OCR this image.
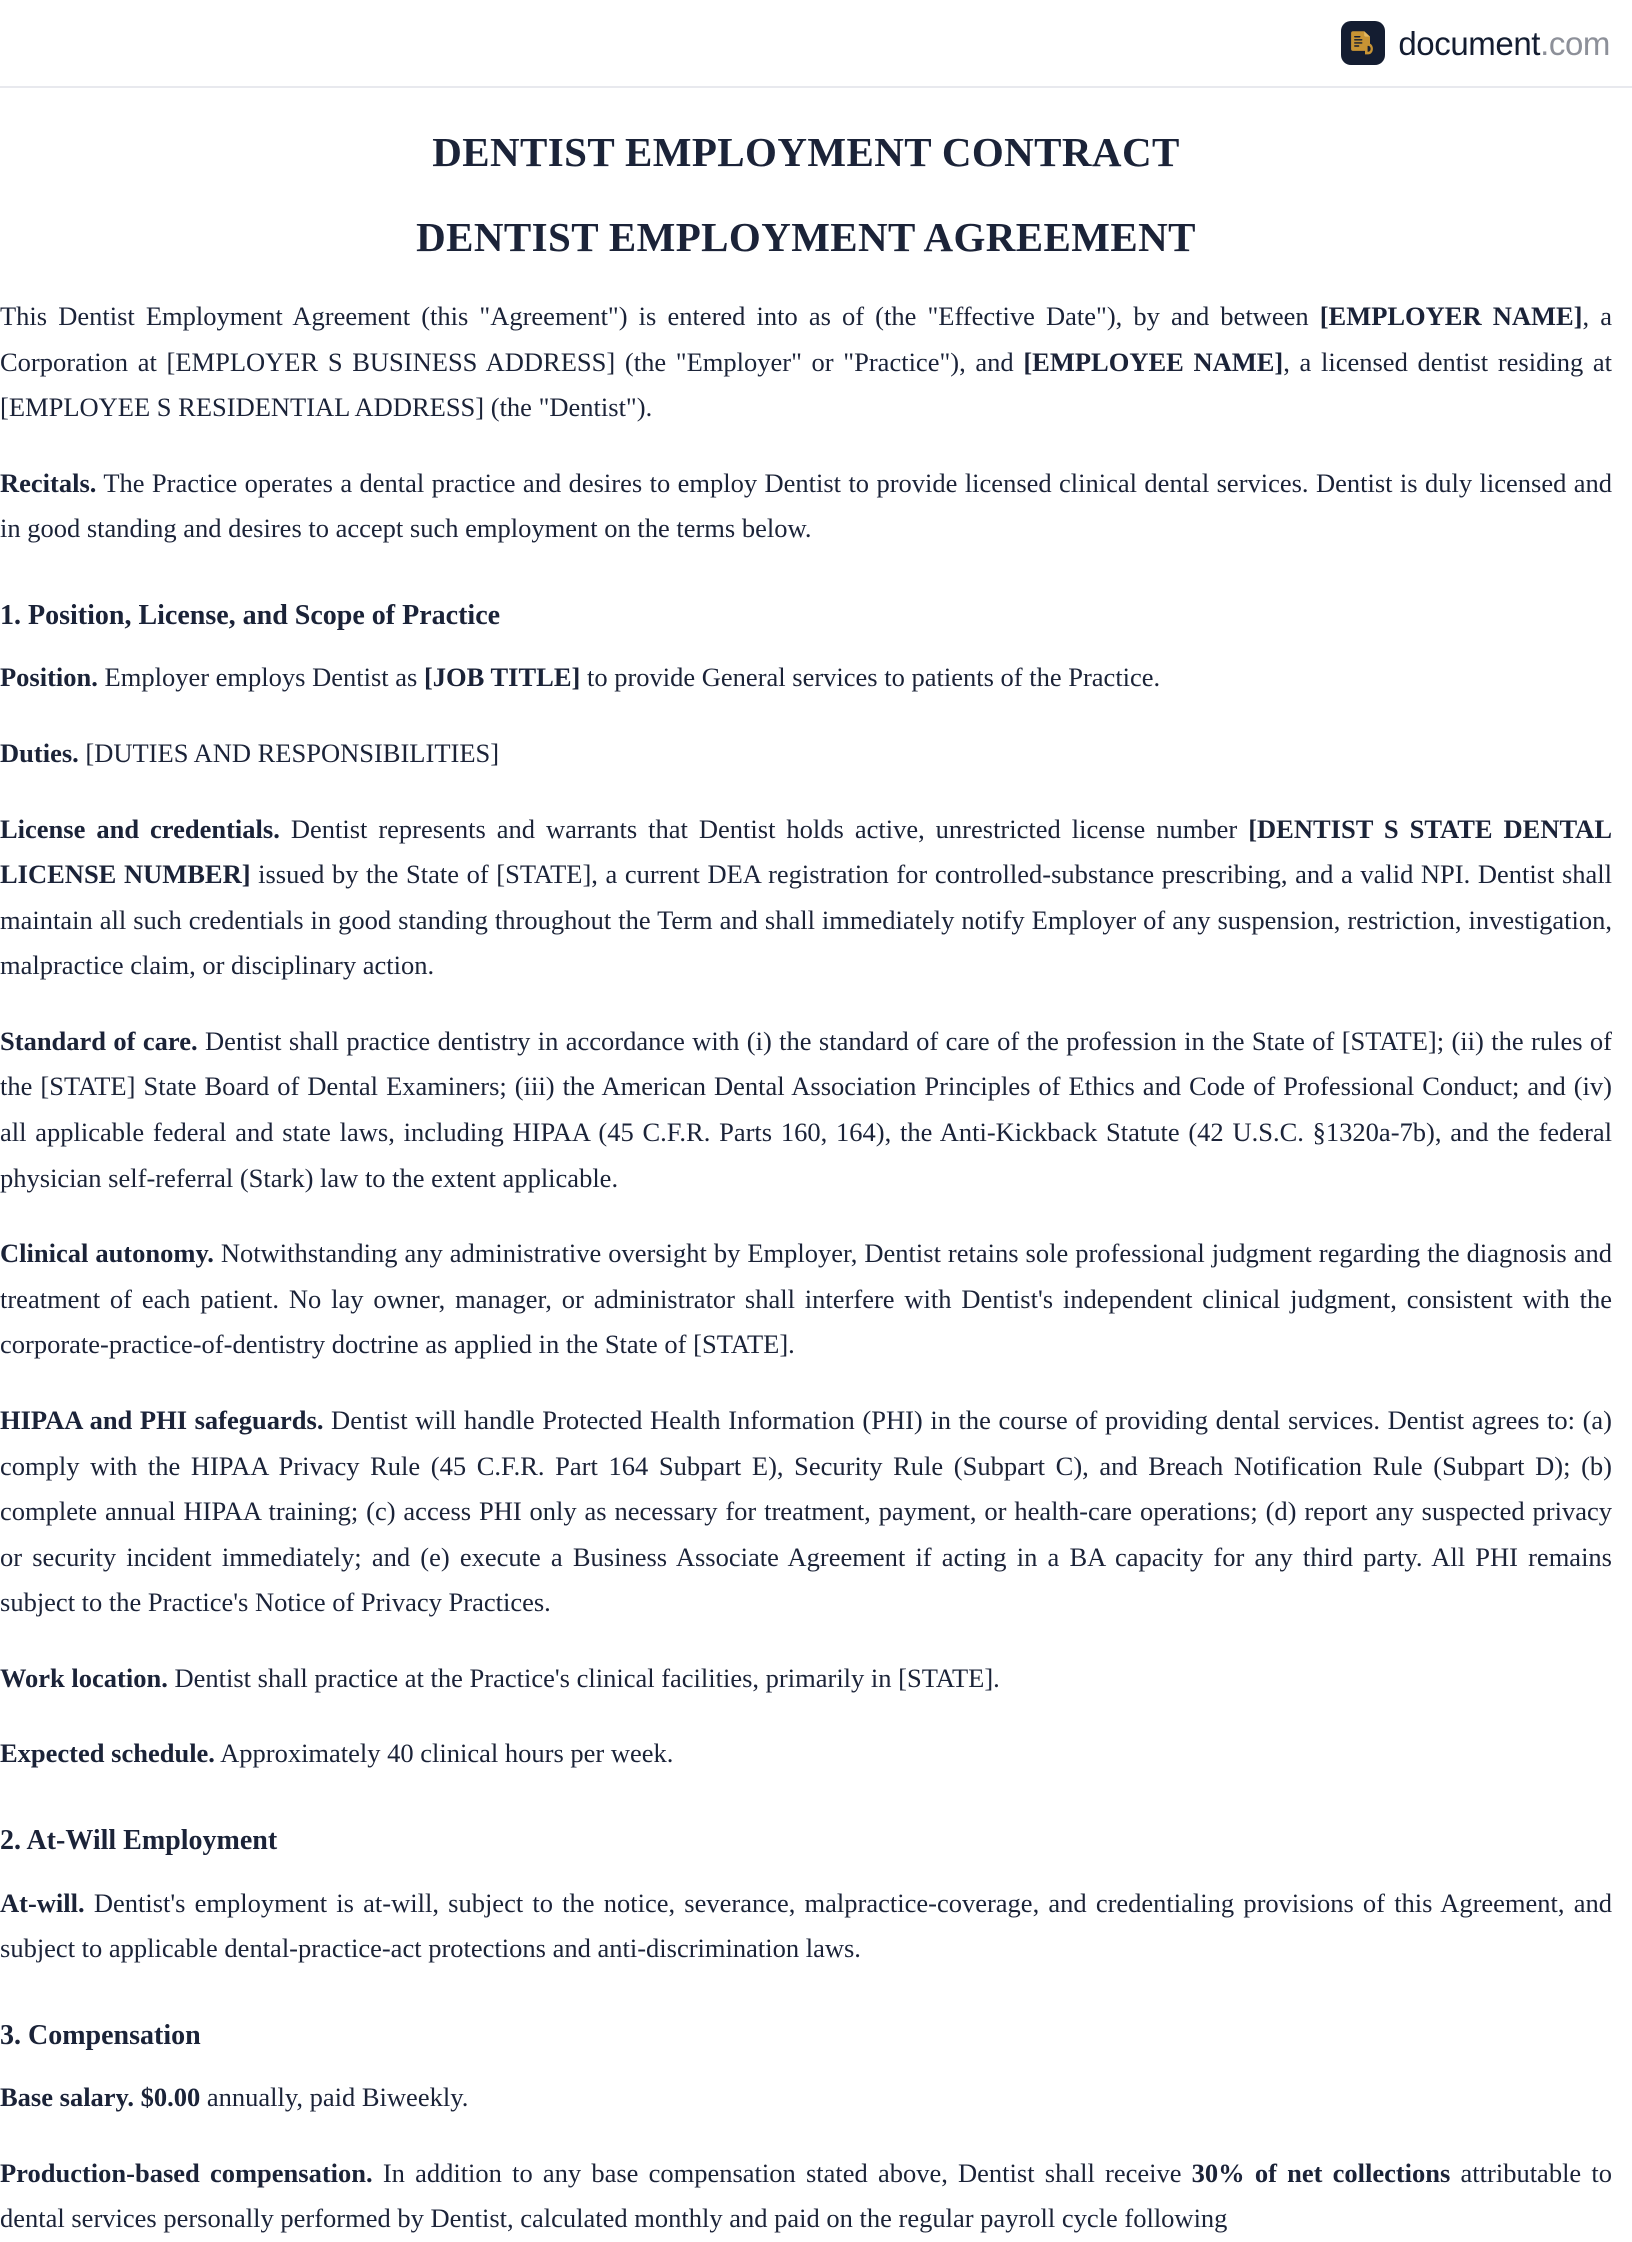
document.com
DENTIST EMPLOYMENT CONTRACT
DENTIST EMPLOYMENT AGREEMENT

This Dentist Employment Agreement (this "Agreement") is entered into as of (the "Effective Date"), by and between [EMPLOYER NAME], a Corporation at [EMPLOYER S BUSINESS ADDRESS] (the "Employer" or "Practice"), and [EMPLOYEE NAME], a licensed dentist residing at [EMPLOYEE S RESIDENTIAL ADDRESS] (the "Dentist").

Recitals. The Practice operates a dental practice and desires to employ Dentist to provide licensed clinical dental services. Dentist is duly licensed and in good standing and desires to accept such employment on the terms below.

1. Position, License, and Scope of Practice

Position. Employer employs Dentist as [JOB TITLE] to provide General services to patients of the Practice.

Duties. [DUTIES AND RESPONSIBILITIES]

License and credentials. Dentist represents and warrants that Dentist holds active, unrestricted license number [DENTIST S STATE DENTAL LICENSE NUMBER] issued by the State of [STATE], a current DEA registration for controlled-substance prescribing, and a valid NPI. Dentist shall maintain all such credentials in good standing throughout the Term and shall immediately notify Employer of any suspension, restriction, investigation, malpractice claim, or disciplinary action.

Standard of care. Dentist shall practice dentistry in accordance with (i) the standard of care of the profession in the State of [STATE]; (ii) the rules of the [STATE] State Board of Dental Examiners; (iii) the American Dental Association Principles of Ethics and Code of Professional Conduct; and (iv) all applicable federal and state laws, including HIPAA (45 C.F.R. Parts 160, 164), the Anti-Kickback Statute (42 U.S.C. §1320a-7b), and the federal physician self-referral (Stark) law to the extent applicable.

Clinical autonomy. Notwithstanding any administrative oversight by Employer, Dentist retains sole professional judgment regarding the diagnosis and treatment of each patient. No lay owner, manager, or administrator shall interfere with Dentist's independent clinical judgment, consistent with the corporate-practice-of-dentistry doctrine as applied in the State of [STATE].

HIPAA and PHI safeguards. Dentist will handle Protected Health Information (PHI) in the course of providing dental services. Dentist agrees to: (a) comply with the HIPAA Privacy Rule (45 C.F.R. Part 164 Subpart E), Security Rule (Subpart C), and Breach Notification Rule (Subpart D); (b) complete annual HIPAA training; (c) access PHI only as necessary for treatment, payment, or health-care operations; (d) report any suspected privacy or security incident immediately; and (e) execute a Business Associate Agreement if acting in a BA capacity for any third party. All PHI remains subject to the Practice's Notice of Privacy Practices.

Work location. Dentist shall practice at the Practice's clinical facilities, primarily in [STATE].

Expected schedule. Approximately 40 clinical hours per week.

2. At-Will Employment

At-will. Dentist's employment is at-will, subject to the notice, severance, malpractice-coverage, and credentialing provisions of this Agreement, and subject to applicable dental-practice-act protections and anti-discrimination laws.

3. Compensation

Base salary. $0.00 annually, paid Biweekly.

Production-based compensation. In addition to any base compensation stated above, Dentist shall receive 30% of net collections attributable to dental services personally performed by Dentist, calculated monthly and paid on the regular payroll cycle following
